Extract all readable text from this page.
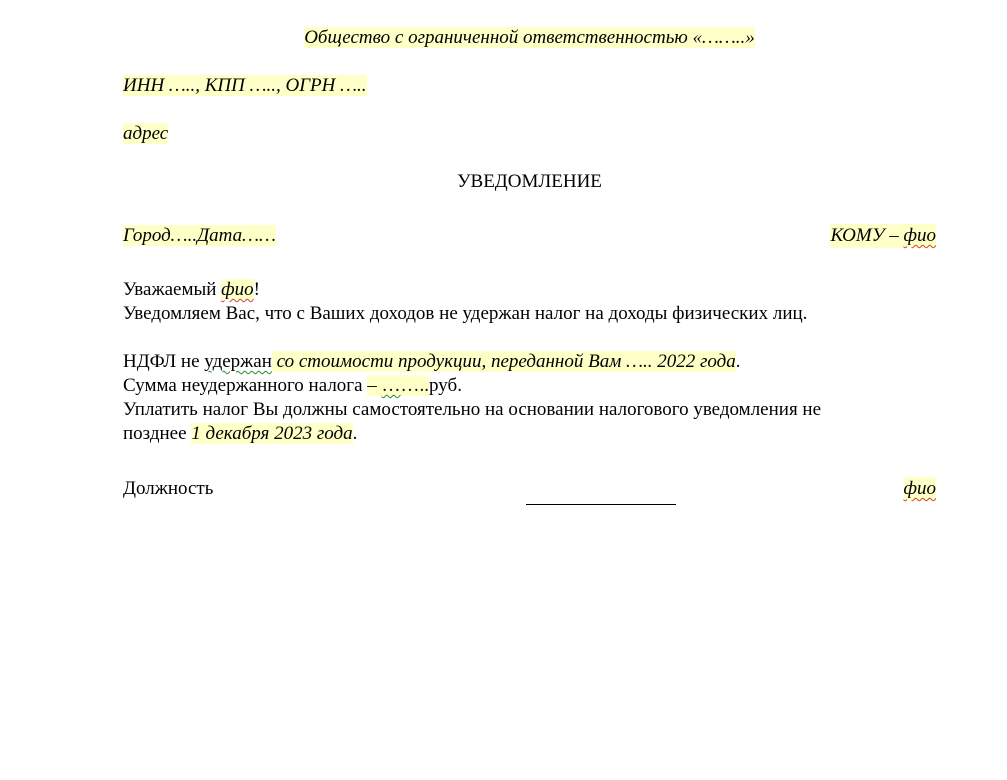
Общество с ограниченной ответственностью «……..»
ИНН ….., КПП ….., ОГРН …..
адрес
УВЕДОМЛЕНИЕ
Город…..Дата……	КОМУ – фио
Уважаемый фио!
Уведомляем Вас, что с Ваших доходов не удержан налог на доходы физических лиц.
НДФЛ не удержан со стоимости продукции, переданной Вам ….. 2022 года.
Сумма неудержанного налога – ……..руб.
Уплатить налог Вы должны самостоятельно на основании налогового уведомления не
позднее 1 декабря 2023 года.
Должность	фио
